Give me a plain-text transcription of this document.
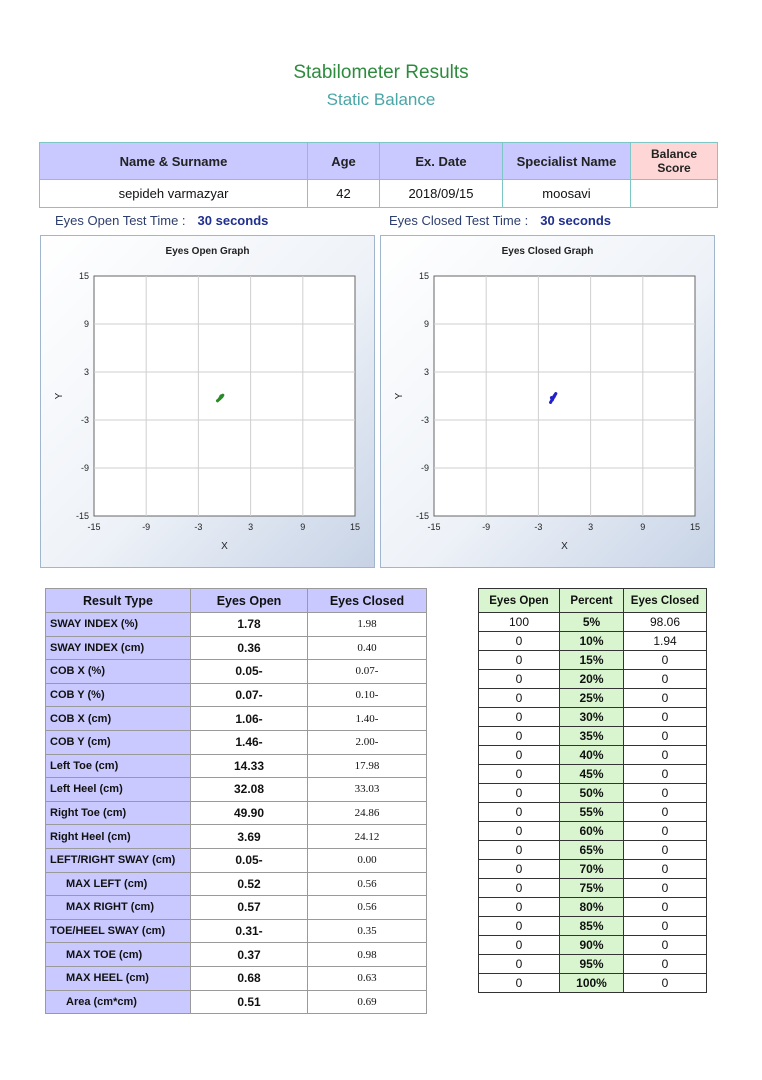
Stabilometer Results
Static Balance
Name & Surname	Age	Ex. Date	Specialist Name	Balance
Score
sepideh varmazyar	42	2018/09/15	moosavi	
Eyes Open Test Time : 30 seconds	Eyes Closed Test Time : 30 seconds
Eyes Open Graph
-15	-9	-3	3	9	15
15
9
3
-3
-9
-15
X
Y
Eyes Closed Graph
-15	-9	-3	3	9	15
15
9
3
-3
-9
-15
X
Y
Result Type	Eyes Open	Eyes Closed
SWAY INDEX (%)	1.78	1.98
SWAY INDEX (cm)	0.36	0.40
COB X (%)	0.05-	0.07-
COB Y (%)	0.07-	0.10-
COB X (cm)	1.06-	1.40-
COB Y (cm)	1.46-	2.00-
Left Toe (cm)	14.33	17.98
Left Heel (cm)	32.08	33.03
Right Toe (cm)	49.90	24.86
Right Heel (cm)	3.69	24.12
LEFT/RIGHT SWAY (cm)	0.05-	0.00
MAX LEFT (cm)	0.52	0.56
MAX RIGHT (cm)	0.57	0.56
TOE/HEEL SWAY (cm)	0.31-	0.35
MAX TOE (cm)	0.37	0.98
MAX HEEL (cm)	0.68	0.63
Area (cm*cm)	0.51	0.69
Eyes Open	Percent	Eyes Closed
100	5%	98.06
0	10%	1.94
0	15%	0
0	20%	0
0	25%	0
0	30%	0
0	35%	0
0	40%	0
0	45%	0
0	50%	0
0	55%	0
0	60%	0
0	65%	0
0	70%	0
0	75%	0
0	80%	0
0	85%	0
0	90%	0
0	95%	0
0	100%	0
